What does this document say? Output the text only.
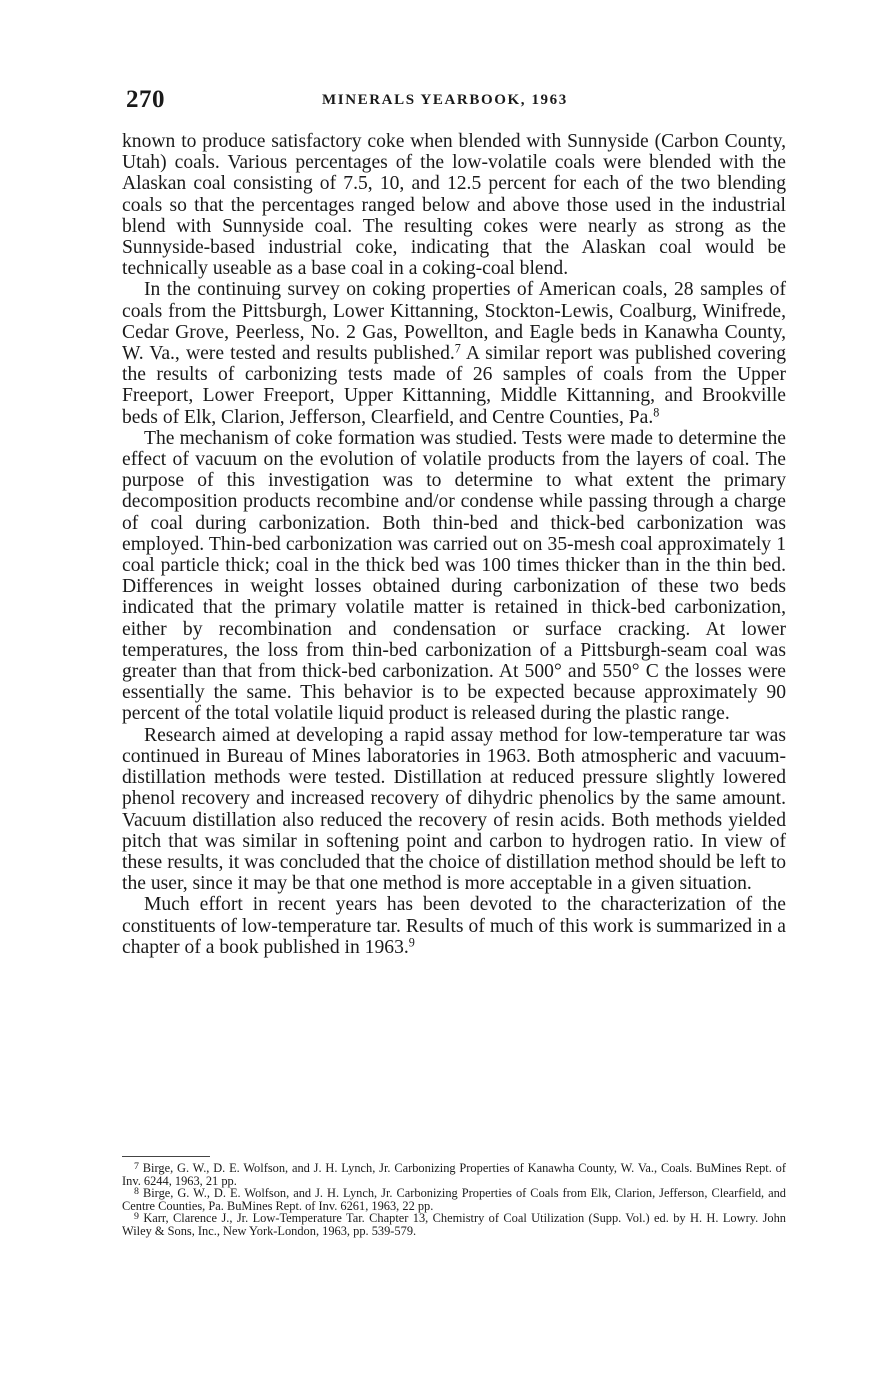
270	MINERALS YEARBOOK, 1963

known to produce satisfactory coke when blended with Sunnyside (Carbon County, Utah) coals. Various percentages of the low-volatile coals were blended with the Alaskan coal consisting of 7.5, 10, and 12.5 percent for each of the two blending coals so that the percentages ranged below and above those used in the industrial blend with Sunnyside coal. The resulting cokes were nearly as strong as the Sunnyside-based industrial coke, indicating that the Alaskan coal would be technically useable as a base coal in a coking-coal blend.

In the continuing survey on coking properties of American coals, 28 samples of coals from the Pittsburgh, Lower Kittanning, Stockton-Lewis, Coalburg, Winifrede, Cedar Grove, Peerless, No. 2 Gas, Powellton, and Eagle beds in Kanawha County, W. Va., were tested and results published.$^7$ A similar report was published covering the results of carbonizing tests made of 26 samples of coals from the Upper Freeport, Lower Freeport, Upper Kittanning, Middle Kittanning, and Brookville beds of Elk, Clarion, Jefferson, Clearfield, and Centre Counties, Pa.$^8$

The mechanism of coke formation was studied. Tests were made to determine the effect of vacuum on the evolution of volatile products from the layers of coal. The purpose of this investigation was to determine to what extent the primary decomposition products recombine and/or condense while passing through a charge of coal during carbonization. Both thin-bed and thick-bed carbonization was employed. Thin-bed carbonization was carried out on 35-mesh coal approximately 1 coal particle thick; coal in the thick bed was 100 times thicker than in the thin bed. Differences in weight losses obtained during carbonization of these two beds indicated that the primary volatile matter is retained in thick-bed carbonization, either by recombination and condensation or surface cracking. At lower temperatures, the loss from thin-bed carbonization of a Pittsburgh-seam coal was greater than that from thick-bed carbonization. At 500° and 550° C the losses were essentially the same. This behavior is to be expected because approximately 90 percent of the total volatile liquid product is released during the plastic range.

Research aimed at developing a rapid assay method for low-temperature tar was continued in Bureau of Mines laboratories in 1963. Both atmospheric and vacuum-distillation methods were tested. Distillation at reduced pressure slightly lowered phenol recovery and increased recovery of dihydric phenolics by the same amount. Vacuum distillation also reduced the recovery of resin acids. Both methods yielded pitch that was similar in softening point and carbon to hydrogen ratio. In view of these results, it was concluded that the choice of distillation method should be left to the user, since it may be that one method is more acceptable in a given situation.

Much effort in recent years has been devoted to the characterization of the constituents of low-temperature tar. Results of much of this work is summarized in a chapter of a book published in 1963.$^9$

$^7$ Birge, G. W., D. E. Wolfson, and J. H. Lynch, Jr. Carbonizing Properties of Kanawha County, W. Va., Coals. BuMines Rept. of Inv. 6244, 1963, 21 pp.

$^8$ Birge, G. W., D. E. Wolfson, and J. H. Lynch, Jr. Carbonizing Properties of Coals from Elk, Clarion, Jefferson, Clearfield, and Centre Counties, Pa. BuMines Rept. of Inv. 6261, 1963, 22 pp.

$^9$ Karr, Clarence J., Jr. Low-Temperature Tar. Chapter 13, Chemistry of Coal Utilization (Supp. Vol.) ed. by H. H. Lowry. John Wiley & Sons, Inc., New York-London, 1963, pp. 539-579.
